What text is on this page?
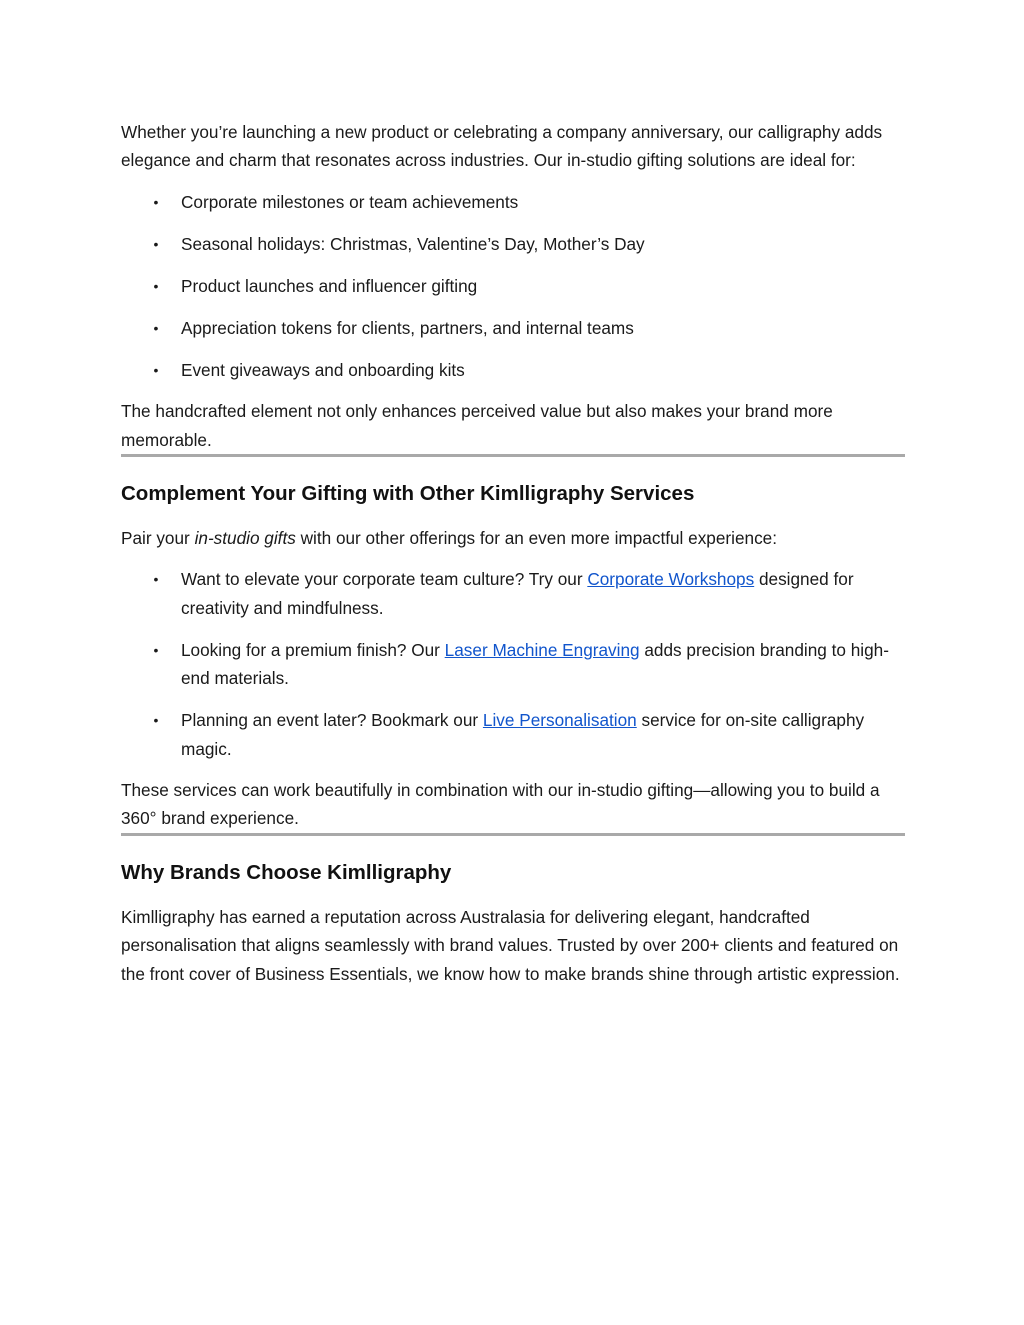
Whether you’re launching a new product or celebrating a company anniversary, our calligraphy adds elegance and charm that resonates across industries. Our in-studio gifting solutions are ideal for:

• Corporate milestones or team achievements
• Seasonal holidays: Christmas, Valentine’s Day, Mother’s Day
• Product launches and influencer gifting
• Appreciation tokens for clients, partners, and internal teams
• Event giveaways and onboarding kits

The handcrafted element not only enhances perceived value but also makes your brand more memorable.

Complement Your Gifting with Other Kimlligraphy Services

Pair your in-studio gifts with our other offerings for an even more impactful experience:

• Want to elevate your corporate team culture? Try our Corporate Workshops designed for creativity and mindfulness.
• Looking for a premium finish? Our Laser Machine Engraving adds precision branding to high-end materials.
• Planning an event later? Bookmark our Live Personalisation service for on-site calligraphy magic.

These services can work beautifully in combination with our in-studio gifting—allowing you to build a 360° brand experience.

Why Brands Choose Kimlligraphy

Kimlligraphy has earned a reputation across Australasia for delivering elegant, handcrafted personalisation that aligns seamlessly with brand values. Trusted by over 200+ clients and featured on the front cover of Business Essentials, we know how to make brands shine through artistic expression.
